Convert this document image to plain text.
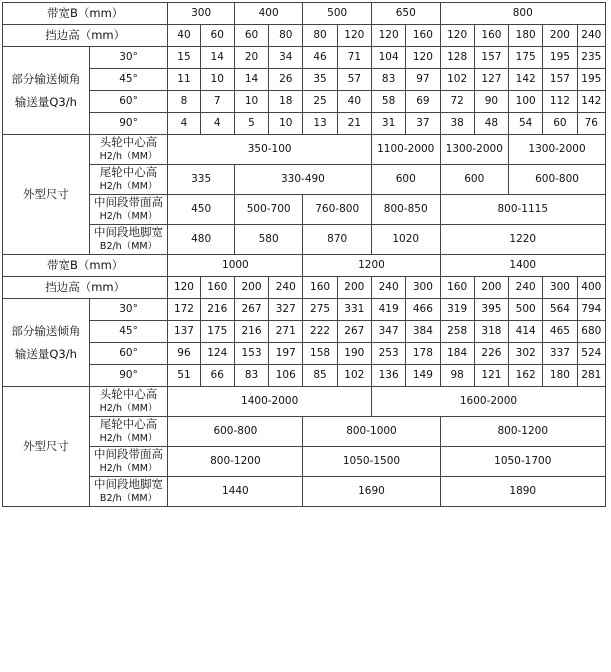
带宽B（mm）		300		400		500		650		800				
挡边高（mm）		40	60	60	80	80	120	120	160	120	160	180	200	240

部分输送倾角
输送量Q3/h	30°	15	14	20	34	46	71	104	120	128	157	175	195	235
	45°	11	10	14	26	35	57	83	97	102	127	142	157	195
	60°	8	7	10	18	25	40	58	69	72	90	100	112	142
	90°	4	4	5	10	13	21	31	37	38	48	54	60	76
外型尺寸	头轮中心高
H2/h（MM）	350-100						1100-2000		1300-2000		1300-2000		

	尾轮中心高
H2/h（MM）	335		330-490				600		600		600-800		

	中间段带面高
H2/h（MM）	450		500-700		760-800		800-850		800-1115				

	中间段地脚宽
B2/h（MM）	480		580		870		1020		1220				
带宽B（mm）		1000				1200				1400				
挡边高（mm）		120	160	200	240	160	200	240	300	160	200	240	300	400

部分输送倾角
输送量Q3/h	30°	172	216	267	327	275	331	419	466	319	395	500	564	794
	45°	137	175	216	271	222	267	347	384	258	318	414	465	680
	60°	96	124	153	197	158	190	253	178	184	226	302	337	524
	90°	51	66	83	106	85	102	136	149	98	121	162	180	281
外型尺寸	头轮中心高
H2/h（MM）	1400-2000						1600-2000						

	尾轮中心高
H2/h（MM）	600-800				800-1000				800-1200				

	中间段带面高
H2/h（MM）	800-1200				1050-1500				1050-1700				

	中间段地脚宽
B2/h（MM）	1440				1690				1890				
